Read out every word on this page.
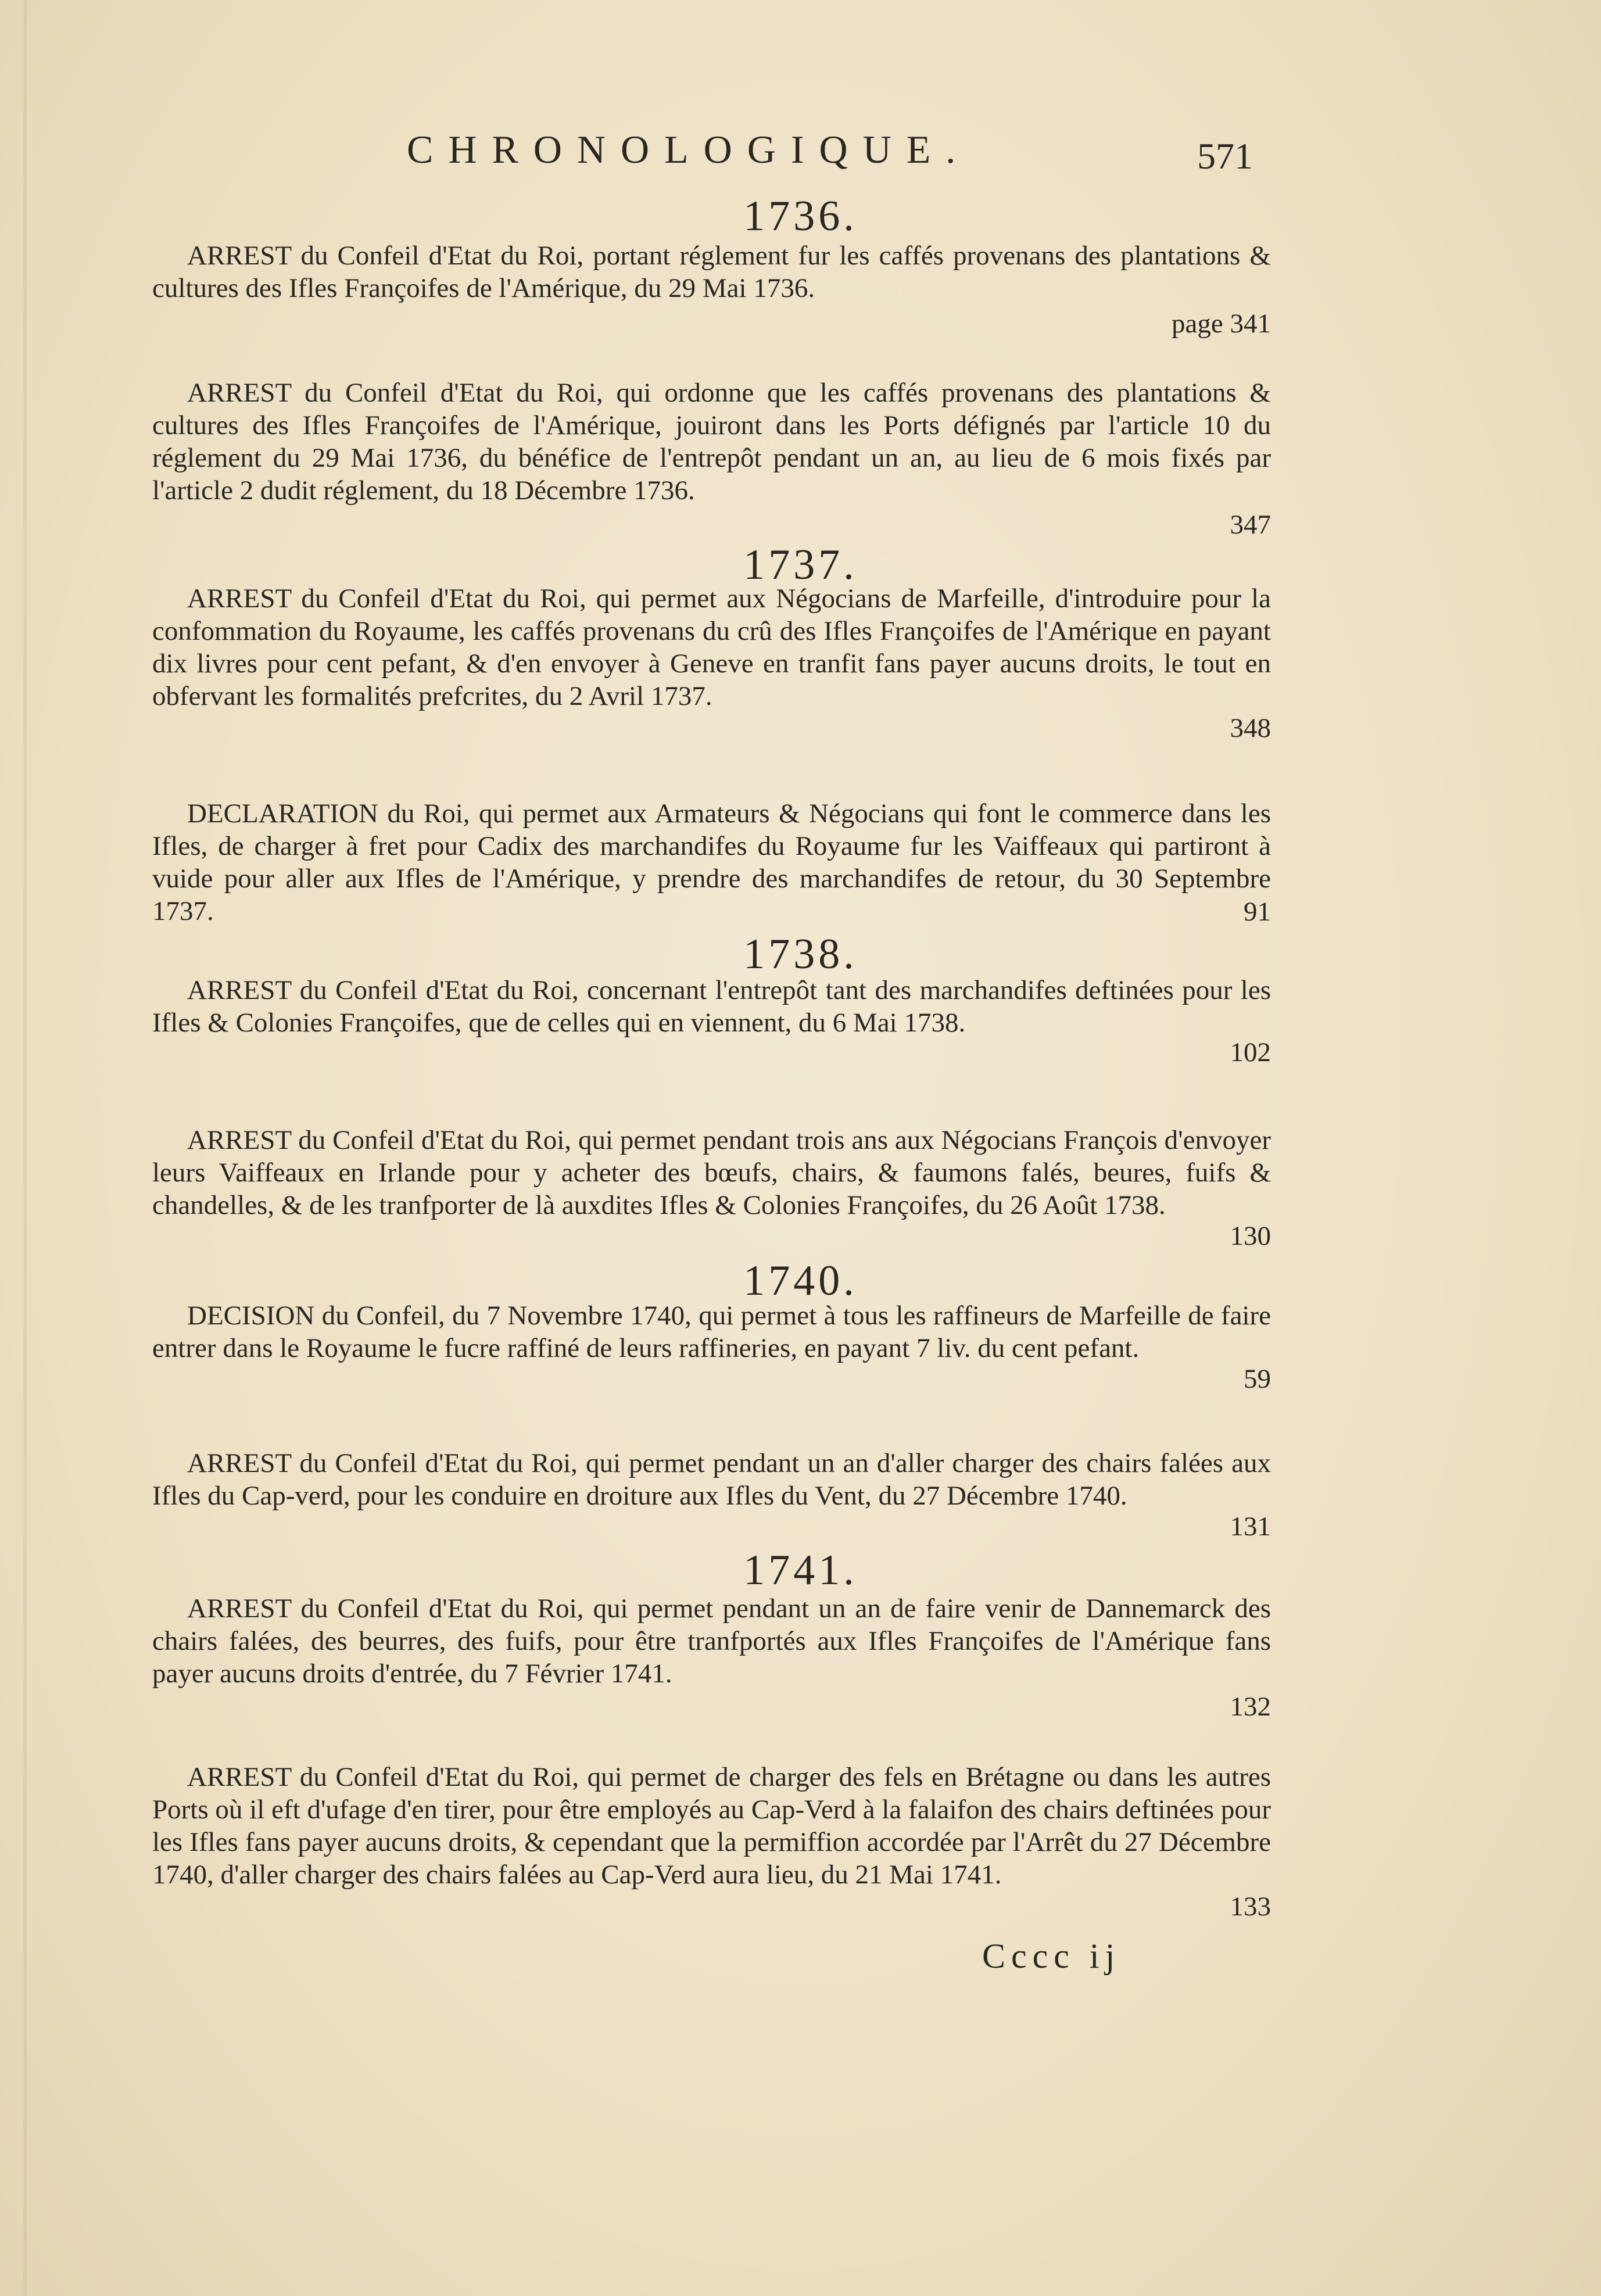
CHRONOLOGIQUE.	571
1736.

ARREST du Confeil d'Etat du Roi, portant réglement fur les caffés provenans des plantations & cultures des Ifles Françoifes de l'Amérique, du 29 Mai 1736.

page 341

ARREST du Confeil d'Etat du Roi, qui ordonne que les caffés provenans des plantations & cultures des Ifles Françoifes de l'Amérique, jouiront dans les Ports défignés par l'article 10 du réglement du 29 Mai 1736, du bénéfice de l'entrepôt pendant un an, au lieu de 6 mois fixés par l'article 2 dudit réglement, du 18 Décembre 1736.

347
1737.

ARREST du Confeil d'Etat du Roi, qui permet aux Négocians de Marfeille, d'introduire pour la confommation du Royaume, les caffés provenans du crû des Ifles Françoifes de l'Amérique en payant dix livres pour cent pefant, & d'en envoyer à Geneve en tranfit fans payer aucuns droits, le tout en obfervant les formalités prefcrites, du 2 Avril 1737.

348

DECLARATION du Roi, qui permet aux Armateurs & Négocians qui font le commerce dans les Ifles, de charger à fret pour Cadix des marchandifes du Royaume fur les Vaiffeaux qui partiront à vuide pour aller aux Ifles de l'Amérique, y prendre des marchandifes de retour, du 30 Septembre 1737.	91
1738.

ARREST du Confeil d'Etat du Roi, concernant l'entrepôt tant des marchandifes deftinées pour les Ifles & Colonies Françoifes, que de celles qui en viennent, du 6 Mai 1738.

102

ARREST du Confeil d'Etat du Roi, qui permet pendant trois ans aux Négocians François d'envoyer leurs Vaiffeaux en Irlande pour y acheter des bœufs, chairs, & faumons falés, beures, fuifs & chandelles, & de les tranfporter de là auxdites Ifles & Colonies Françoifes, du 26 Août 1738.

130
1740.

DECISION du Confeil, du 7 Novembre 1740, qui permet à tous les raffineurs de Marfeille de faire entrer dans le Royaume le fucre raffiné de leurs raffineries, en payant 7 liv. du cent pefant.

59

ARREST du Confeil d'Etat du Roi, qui permet pendant un an d'aller charger des chairs falées aux Ifles du Cap-verd, pour les conduire en droiture aux Ifles du Vent, du 27 Décembre 1740.

131
1741.

ARREST du Confeil d'Etat du Roi, qui permet pendant un an de faire venir de Dannemarck des chairs falées, des beurres, des fuifs, pour être tranfportés aux Ifles Françoifes de l'Amérique fans payer aucuns droits d'entrée, du 7 Février 1741.

132

ARREST du Confeil d'Etat du Roi, qui permet de charger des fels en Brétagne ou dans les autres Ports où il eft d'ufage d'en tirer, pour être employés au Cap-Verd à la falaifon des chairs deftinées pour les Ifles fans payer aucuns droits, & cependant que la permiffion accordée par l'Arrêt du 27 Décembre 1740, d'aller charger des chairs falées au Cap-Verd aura lieu, du 21 Mai 1741.

133
Cccc ij
